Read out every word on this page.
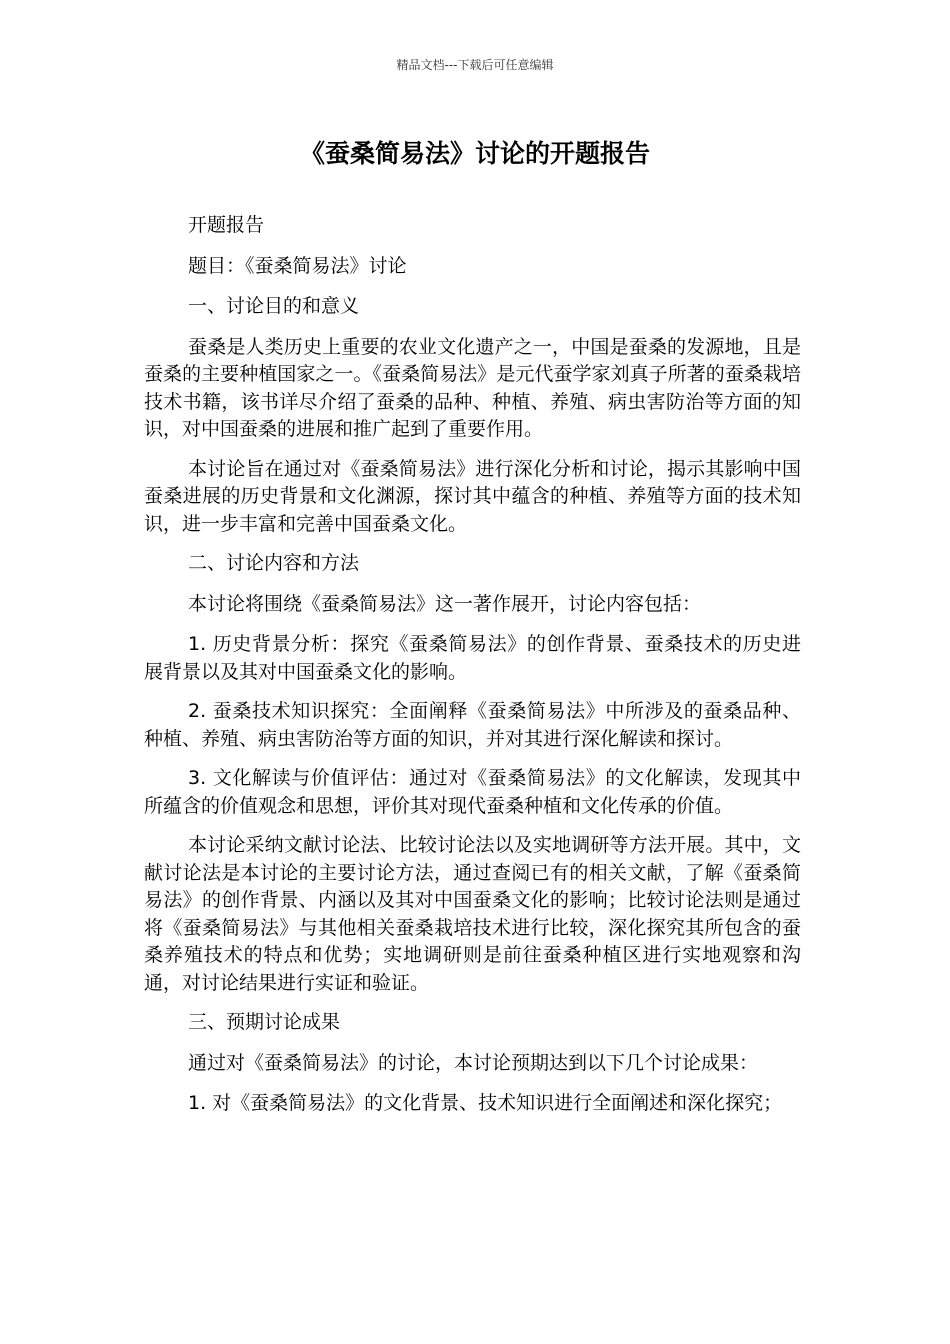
精品文档---下载后可任意编辑
《蚕桑简易法》讨论的开题报告

开题报告

题目：《蚕桑简易法》讨论

一、讨论目的和意义

蚕桑是人类历史上重要的农业文化遗产之一，中国是蚕桑的发源地，且是蚕桑的主要种植国家之一。《蚕桑简易法》是元代蚕学家刘真子所著的蚕桑栽培技术书籍，该书详尽介绍了蚕桑的品种、种植、养殖、病虫害防治等方面的知识，对中国蚕桑的进展和推广起到了重要作用。

本讨论旨在通过对《蚕桑简易法》进行深化分析和讨论，揭示其影响中国蚕桑进展的历史背景和文化渊源，探讨其中蕴含的种植、养殖等方面的技术知识，进一步丰富和完善中国蚕桑文化。

二、讨论内容和方法

本讨论将围绕《蚕桑简易法》这一著作展开，讨论内容包括：

1. 历史背景分析：探究《蚕桑简易法》的创作背景、蚕桑技术的历史进展背景以及其对中国蚕桑文化的影响。

2. 蚕桑技术知识探究：全面阐释《蚕桑简易法》中所涉及的蚕桑品种、种植、养殖、病虫害防治等方面的知识，并对其进行深化解读和探讨。

3. 文化解读与价值评估：通过对《蚕桑简易法》的文化解读，发现其中所蕴含的价值观念和思想，评价其对现代蚕桑种植和文化传承的价值。

本讨论采纳文献讨论法、比较讨论法以及实地调研等方法开展。其中，文献讨论法是本讨论的主要讨论方法，通过查阅已有的相关文献，了解《蚕桑简易法》的创作背景、内涵以及其对中国蚕桑文化的影响；比较讨论法则是通过将《蚕桑简易法》与其他相关蚕桑栽培技术进行比较，深化探究其所包含的蚕桑养殖技术的特点和优势；实地调研则是前往蚕桑种植区进行实地观察和沟通，对讨论结果进行实证和验证。

三、预期讨论成果

通过对《蚕桑简易法》的讨论，本讨论预期达到以下几个讨论成果：

1. 对《蚕桑简易法》的文化背景、技术知识进行全面阐述和深化探究；
